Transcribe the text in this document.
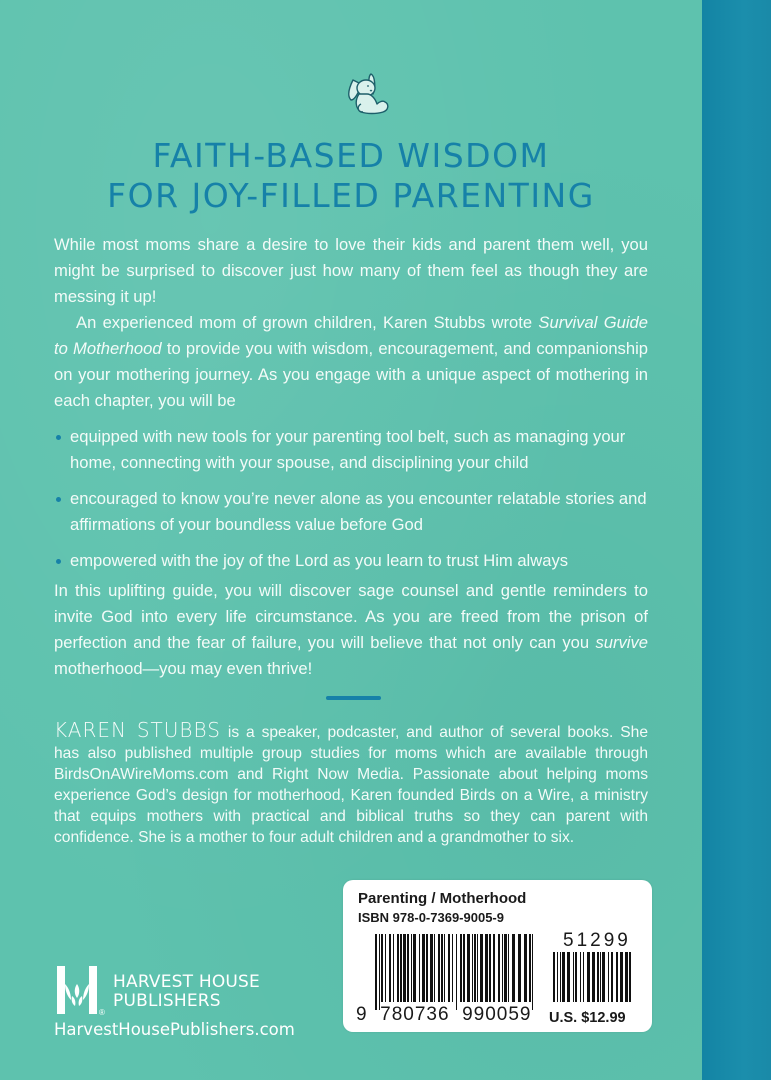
FAITH-BASED WISDOM
FOR JOY-FILLED PARENTING

While most moms share a desire to love their kids and parent them well, you might be surprised to discover just how many of them feel as though they are messing it up!

An experienced mom of grown children, Karen Stubbs wrote Survival Guide to Motherhood to provide you with wisdom, encouragement, and companionship on your mothering journey. As you engage with a unique aspect of mothering in each chapter, you will be

equipped with new tools for your parenting tool belt, such as managing your home, connecting with your spouse, and disciplining your child
encouraged to know you’re never alone as you encounter relatable stories and affirmations of your boundless value before God
empowered with the joy of the Lord as you learn to trust Him always

In this uplifting guide, you will discover sage counsel and gentle reminders to invite God into every life circumstance. As you are freed from the prison of perfection and the fear of failure, you will believe that not only can you survive motherhood—you may even thrive!

KAREN STUBBS is a speaker, podcaster, and author of several books. She has also published multiple group studies for moms which are available through BirdsOnAWireMoms.com and Right Now Media. Passionate about helping moms experience God’s design for motherhood, Karen founded Birds on a Wire, a ministry that equips mothers with practical and biblical truths so they can parent with confidence. She is a mother to four adult children and a grandmother to six.

Parenting / Motherhood
ISBN 978-0-7369-9005-9
51299
9  780736  990059 U.S. $12.99
®
HARVEST HOUSE
PUBLISHERS
HarvestHousePublishers.com
